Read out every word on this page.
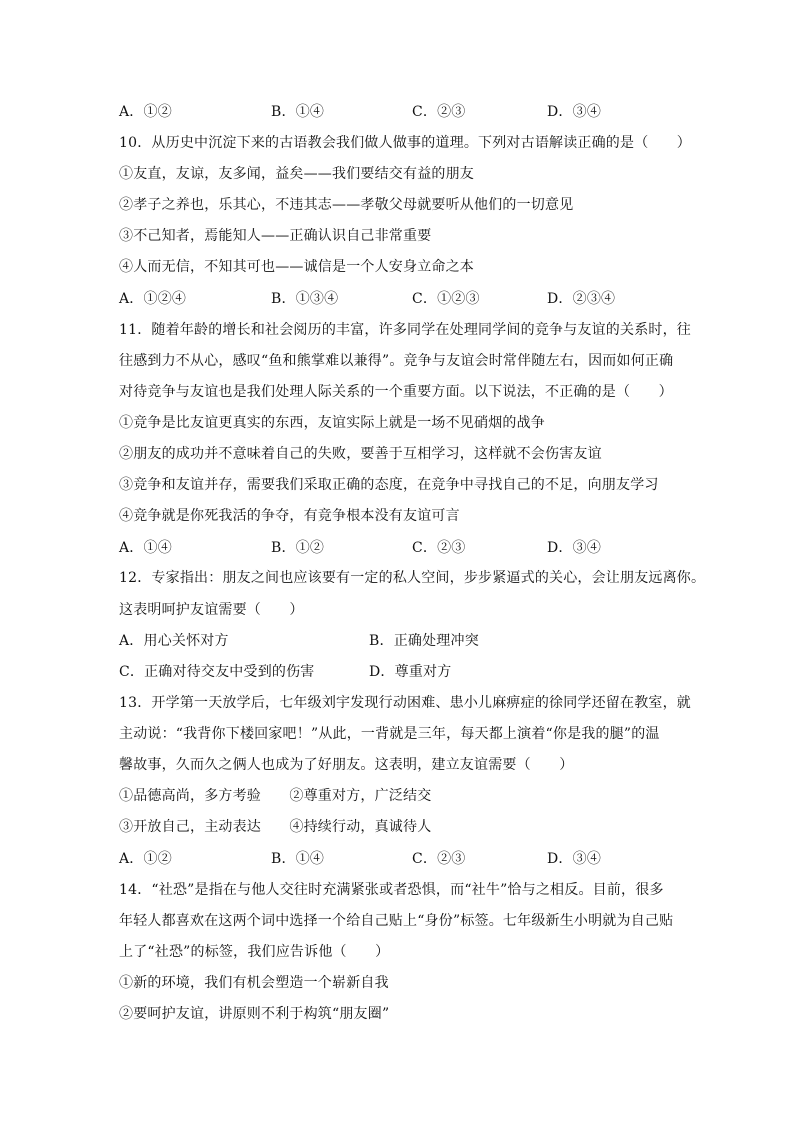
A．①②	B．①④	C．②③	D．③④
10．从历史中沉淀下来的古语教会我们做人做事的道理。下列对古语解读正确的是（　　）
①友直，友谅，友多闻，益矣——我们要结交有益的朋友
②孝子之养也，乐其心，不违其志——孝敬父母就要听从他们的一切意见
③不己知者，焉能知人——正确认识自己非常重要
④人而无信，不知其可也——诚信是一个人安身立命之本
A．①②④	B．①③④	C．①②③	D．②③④
11．随着年龄的增长和社会阅历的丰富，许多同学在处理同学间的竞争与友谊的关系时，往
往感到力不从心，感叹“鱼和熊掌难以兼得”。竞争与友谊会时常伴随左右，因而如何正确
对待竞争与友谊也是我们处理人际关系的一个重要方面。以下说法，不正确的是（　　）
①竞争是比友谊更真实的东西，友谊实际上就是一场不见硝烟的战争
②朋友的成功并不意味着自己的失败，要善于互相学习，这样就不会伤害友谊
③竞争和友谊并存，需要我们采取正确的态度，在竞争中寻找自己的不足，向朋友学习
④竞争就是你死我活的争夺，有竞争根本没有友谊可言
A．①④	B．①②	C．②③	D．③④
12．专家指出：朋友之间也应该要有一定的私人空间，步步紧逼式的关心，会让朋友远离你。
这表明呵护友谊需要（　　）
A．用心关怀对方	B．正确处理冲突
C．正确对待交友中受到的伤害	D．尊重对方
13．开学第一天放学后，七年级刘宇发现行动困难、患小儿麻痹症的徐同学还留在教室，就
主动说：“我背你下楼回家吧！”从此，一背就是三年，每天都上演着“你是我的腿”的温
馨故事，久而久之俩人也成为了好朋友。这表明，建立友谊需要（　　）
①品德高尚，多方考验　　②尊重对方，广泛结交
③开放自己，主动表达　　④持续行动，真诚待人
A．①②	B．①④	C．②③	D．③④
14．“社恐”是指在与他人交往时充满紧张或者恐惧，而“社牛”恰与之相反。目前，很多
年轻人都喜欢在这两个词中选择一个给自己贴上“身份”标签。七年级新生小明就为自己贴
上了“社恐”的标签，我们应告诉他（　　）
①新的环境，我们有机会塑造一个崭新自我
②要呵护友谊，讲原则不利于构筑“朋友圈”
